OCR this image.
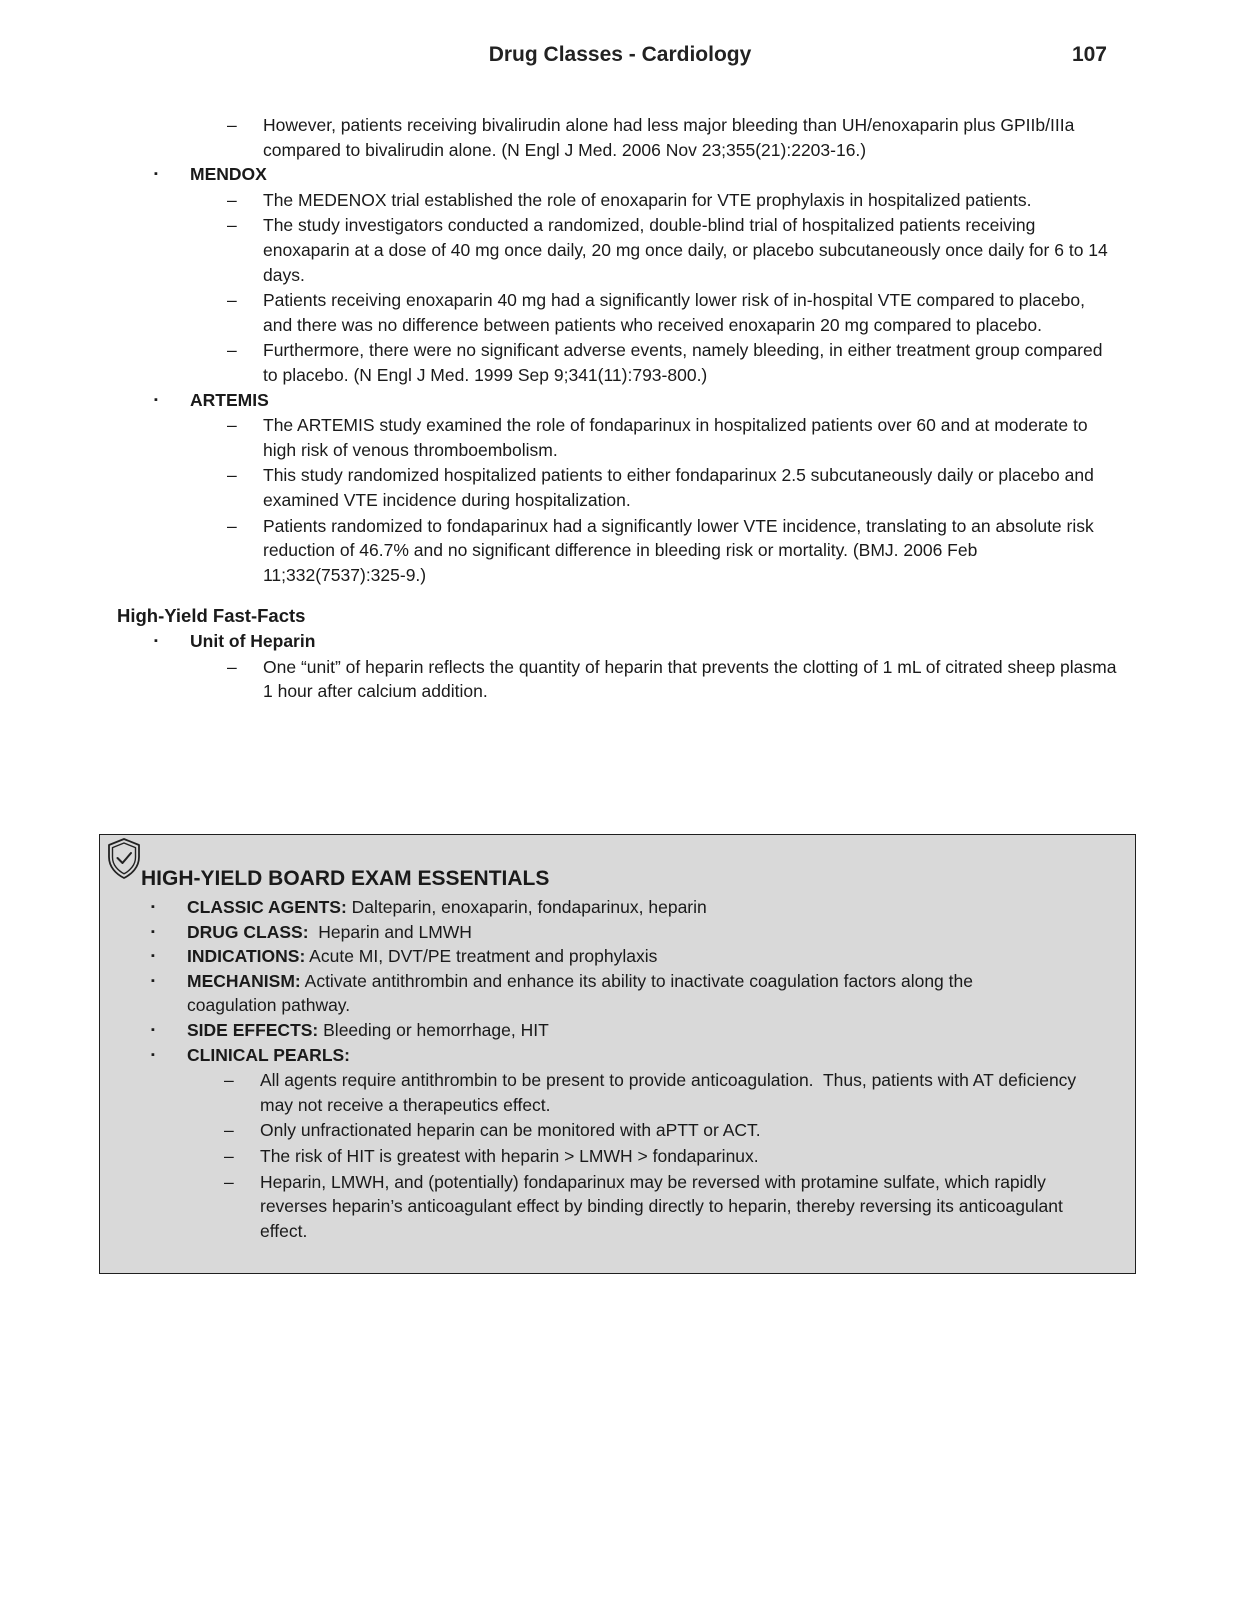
Drug Classes - Cardiology	107
– However, patients receiving bivalirudin alone had less major bleeding than UH/enoxaparin plus GPIIb/IIIa compared to bivalirudin alone. (N Engl J Med. 2006 Nov 23;355(21):2203-16.)
▪ MENDOX
– The MEDENOX trial established the role of enoxaparin for VTE prophylaxis in hospitalized patients.
– The study investigators conducted a randomized, double-blind trial of hospitalized patients receiving enoxaparin at a dose of 40 mg once daily, 20 mg once daily, or placebo subcutaneously once daily for 6 to 14 days.
– Patients receiving enoxaparin 40 mg had a significantly lower risk of in-hospital VTE compared to placebo, and there was no difference between patients who received enoxaparin 20 mg compared to placebo.
– Furthermore, there were no significant adverse events, namely bleeding, in either treatment group compared to placebo. (N Engl J Med. 1999 Sep 9;341(11):793-800.)
▪ ARTEMIS
– The ARTEMIS study examined the role of fondaparinux in hospitalized patients over 60 and at moderate to high risk of venous thromboembolism.
– This study randomized hospitalized patients to either fondaparinux 2.5 subcutaneously daily or placebo and examined VTE incidence during hospitalization.
– Patients randomized to fondaparinux had a significantly lower VTE incidence, translating to an absolute risk reduction of 46.7% and no significant difference in bleeding risk or mortality. (BMJ. 2006 Feb 11;332(7537):325-9.)
High-Yield Fast-Facts
▪ Unit of Heparin
– One “unit” of heparin reflects the quantity of heparin that prevents the clotting of 1 mL of citrated sheep plasma 1 hour after calcium addition.
HIGH-YIELD BOARD EXAM ESSENTIALS
▪ CLASSIC AGENTS: Dalteparin, enoxaparin, fondaparinux, heparin
▪ DRUG CLASS:  Heparin and LMWH
▪ INDICATIONS: Acute MI, DVT/PE treatment and prophylaxis
▪ MECHANISM: Activate antithrombin and enhance its ability to inactivate coagulation factors along the coagulation pathway.
▪ SIDE EFFECTS: Bleeding or hemorrhage, HIT
▪ CLINICAL PEARLS:
– All agents require antithrombin to be present to provide anticoagulation.  Thus, patients with AT deficiency may not receive a therapeutics effect.
– Only unfractionated heparin can be monitored with aPTT or ACT.
– The risk of HIT is greatest with heparin > LMWH > fondaparinux.
– Heparin, LMWH, and (potentially) fondaparinux may be reversed with protamine sulfate, which rapidly reverses heparin’s anticoagulant effect by binding directly to heparin, thereby reversing its anticoagulant effect.
